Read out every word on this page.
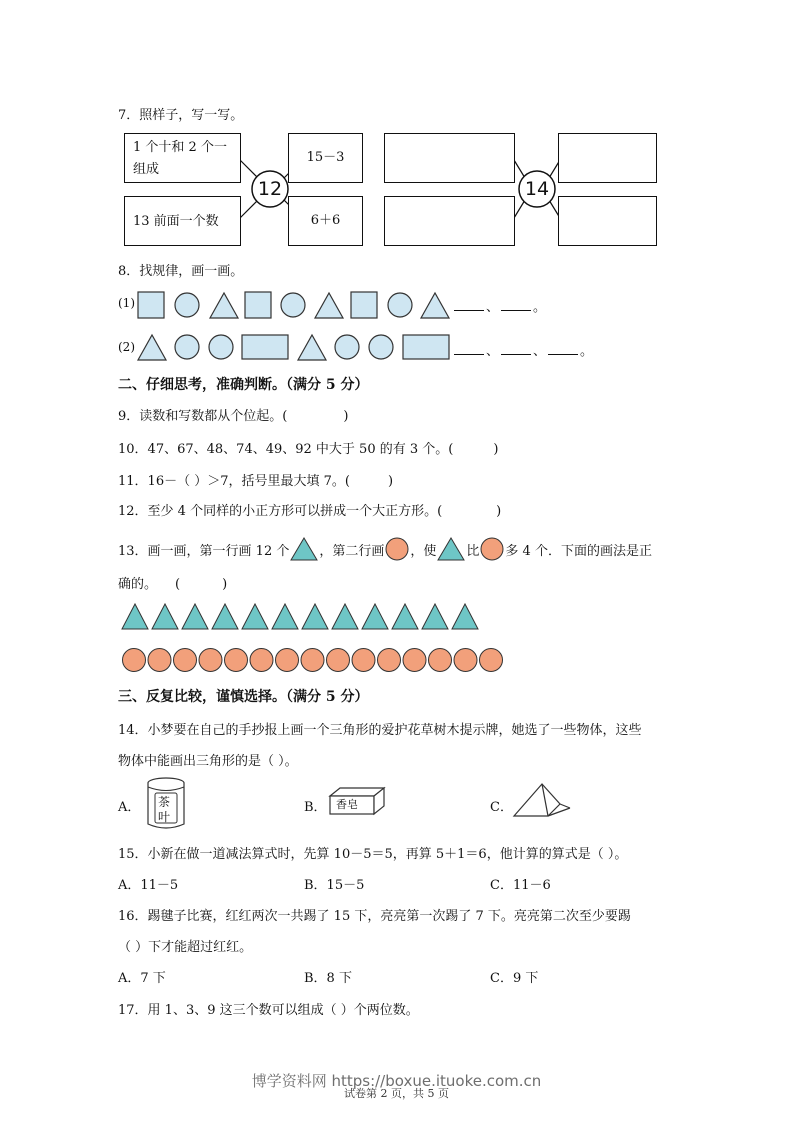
7．照样子，写一写。
1 个十和 2 个一
组成
13 前面一个数
12
15－3
6＋6
14
8．找规律，画一画。
(1)	、	。
(2)	、	、	。
二、仔细思考，准确判断。（满分 5 分）
9．读数和写数都从个位起。(	)
10．47、67、48、74、49、92 中大于 50 的有 3 个。(	)
11．16－（ ）＞7，括号里最大填 7。(	)
12．至少 4 个同样的小正方形可以拼成一个大正方形。(	)
13．画一画，第一行画 12 个 ，第二行画 ，使 比 多 4 个．下面的画法是正
确的。 (	)
三、反复比较，谨慎选择。（满分 5 分）
14．小梦要在自己的手抄报上画一个三角形的爱护花草树木提示牌，她选了一些物体，这些
物体中能画出三角形的是（ ）。
A． 茶
叶
B． 香皂	C．
15．小新在做一道减法算式时，先算 10－5＝5，再算 5＋1＝6，他计算的算式是（ ）。
A．11－5	B．15－5	C．11－6
16．踢毽子比赛，红红两次一共踢了 15 下，亮亮第一次踢了 7 下。亮亮第二次至少要踢
（ ）下才能超过红红。
A．7 下	B．8 下	C．9 下
17．用 1、3、9 这三个数可以组成（ ）个两位数。
试卷第 2 页，共 5 页
博学资料网 https://boxue.ituoke.com.cn
